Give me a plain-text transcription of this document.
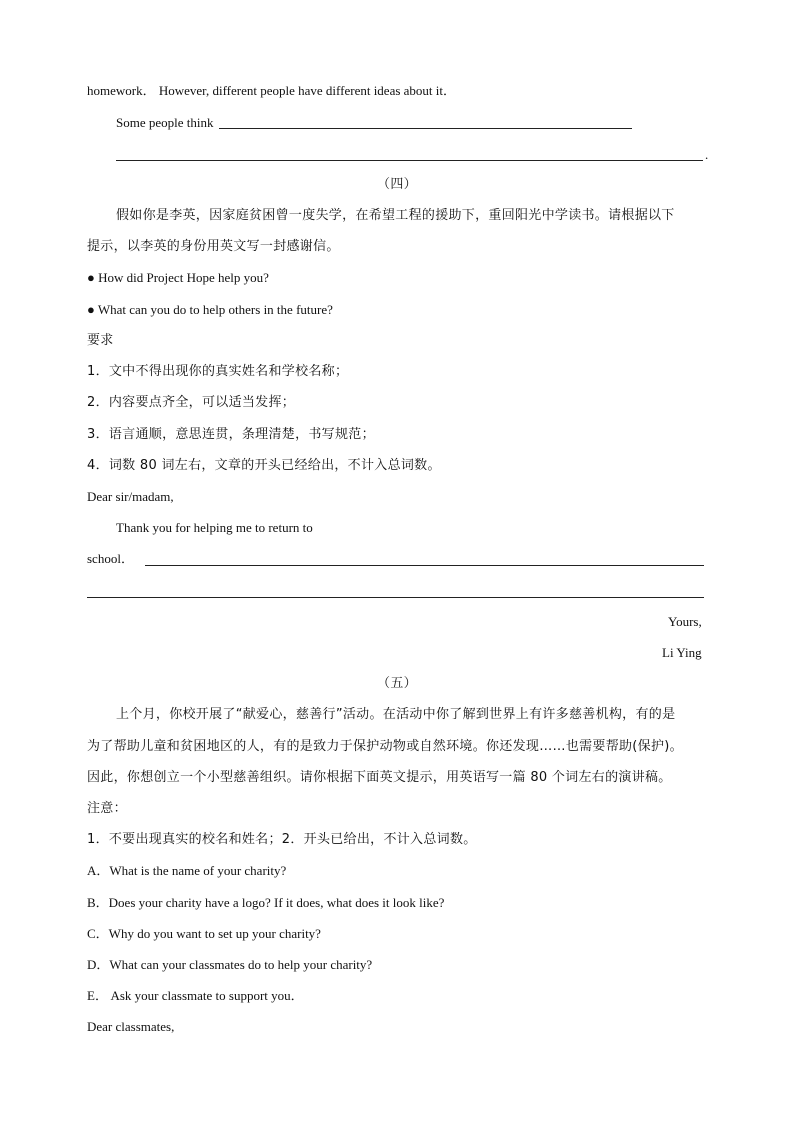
homework． However, different people have different ideas about it．
Some people think
.
（四）
假如你是李英，因家庭贫困曾一度失学，在希望工程的援助下，重回阳光中学读书。请根据以下
提示，以李英的身份用英文写一封感谢信。
● How did Project Hope help you?
● What can you do to help others in the future?
要求
1．文中不得出现你的真实姓名和学校名称；
2．内容要点齐全，可以适当发挥；
3．语言通顺，意思连贯，条理清楚，书写规范；
4．词数 80 词左右，文章的开头已经给出，不计入总词数。
Dear sir/madam,
Thank you for helping me to return to
school．
Yours,
Li Ying
（五）
上个月，你校开展了“献爱心，慈善行”活动。在活动中你了解到世界上有许多慈善机构，有的是
为了帮助儿童和贫困地区的人，有的是致力于保护动物或自然环境。你还发现……也需要帮助(保护)。
因此，你想创立一个小型慈善组织。请你根据下面英文提示，用英语写一篇 80 个词左右的演讲稿。
注意：
1．不要出现真实的校名和姓名；2．开头已给出，不计入总词数。
A．What is the name of your charity?
B．Does your charity have a logo? If it does, what does it look like?
C．Why do you want to set up your charity?
D．What can your classmates do to help your charity?
E． Ask your classmate to support you．
Dear classmates,
